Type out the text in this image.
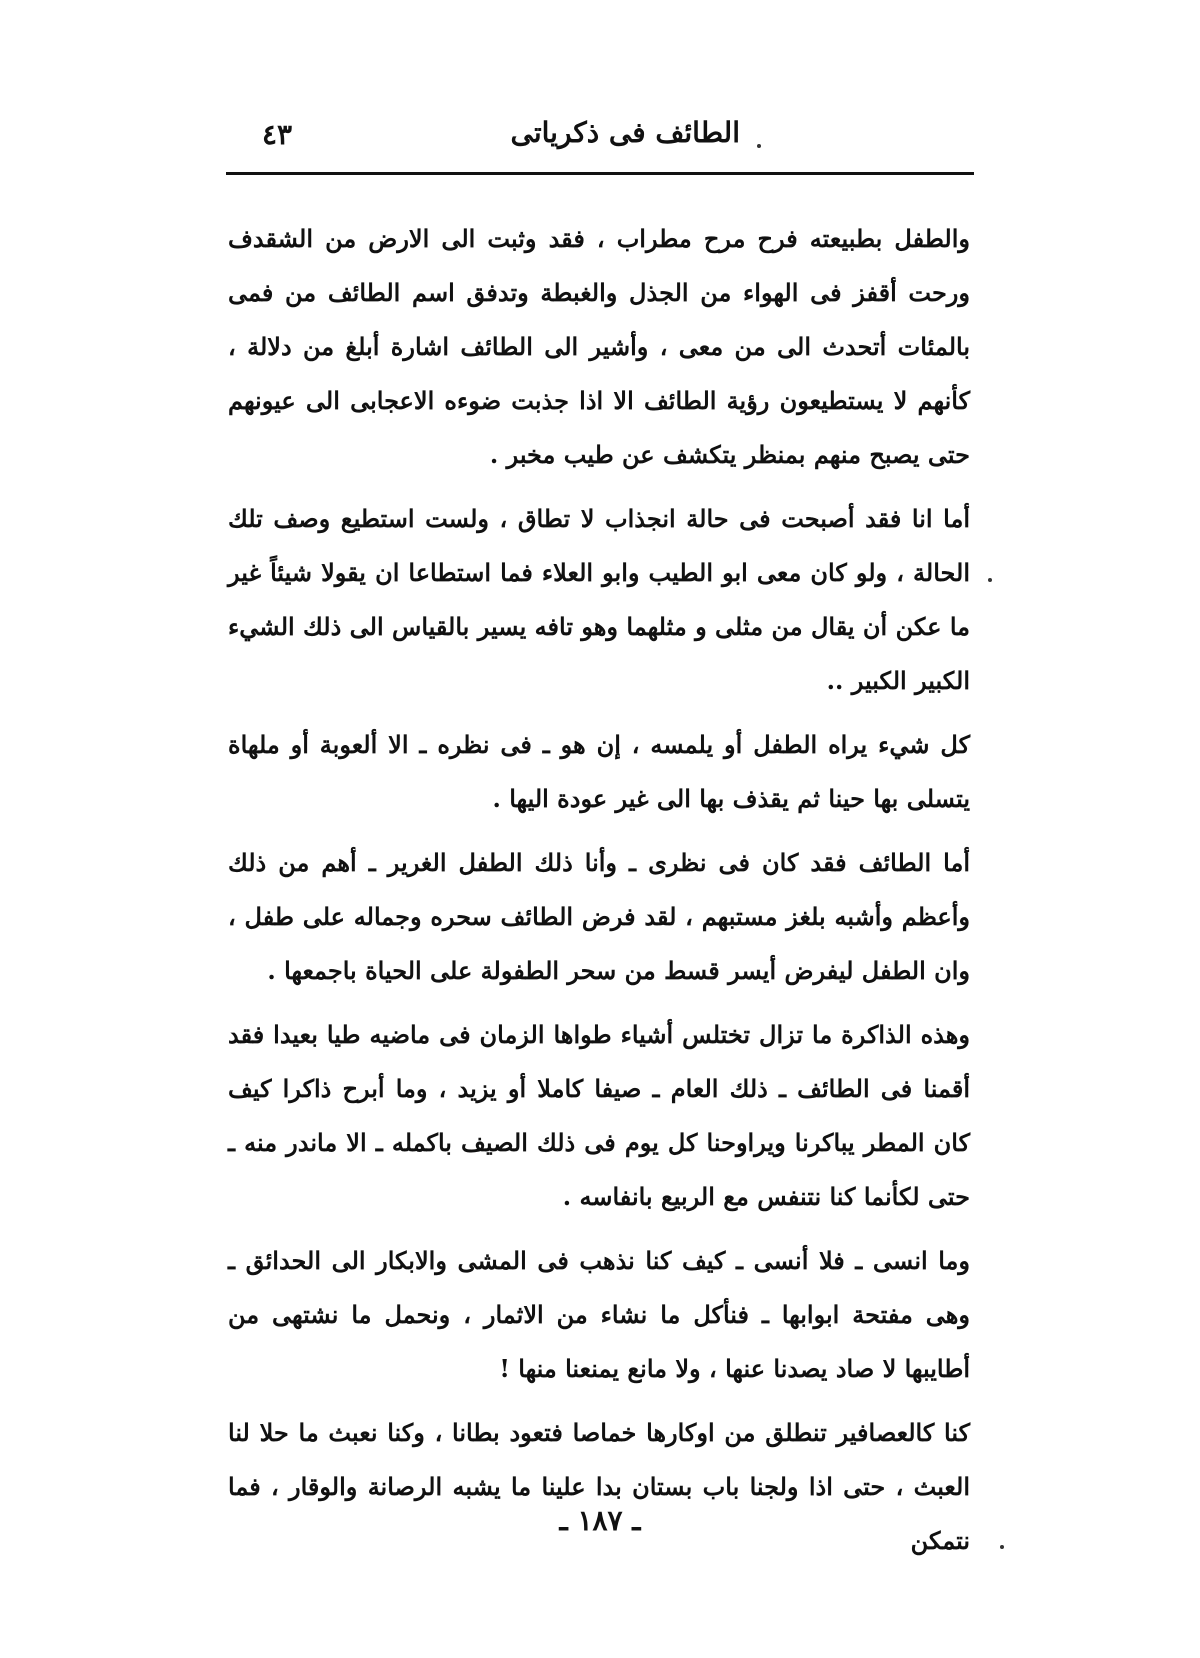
الطائف فى ذكرياتى
٤٣

والطفل بطبيعته فرح مرح مطراب ، فقد وثبت الى الارض من الشقدف ورحت أقفز فى الهواء من الجذل والغبطة وتدفق اسم الطائف من فمى بالمئات أتحدث الى من معى ، وأشير الى الطائف اشارة أبلغ من دلالة ، كأنهم لا يستطيعون رؤية الطائف الا اذا جذبت ضوءه الاعجابى الى عيونهم حتى يصبح منهم بمنظر يتكشف عن طيب مخبر .

أما انا فقد أصبحت فى حالة انجذاب لا تطاق ، ولست استطيع وصف تلك الحالة ، ولو كان معى ابو الطيب وابو العلاء فما استطاعا ان يقولا شيئاً غير ما عكن أن يقال من مثلى و مثلهما وهو تافه يسير بالقياس الى ذلك الشيء الكبير الكبير ..

كل شيء يراه الطفل أو يلمسه ، إن هو ـ فى نظره ـ الا ألعوبة أو ملهاة يتسلى بها حينا ثم يقذف بها الى غير عودة اليها .

أما الطائف فقد كان فى نظرى ـ وأنا ذلك الطفل الغرير ـ أهم من ذلك وأعظم وأشبه بلغز مستبهم ، لقد فرض الطائف سحره وجماله على طفل ، وان الطفل ليفرض أيسر قسط من سحر الطفولة على الحياة باجمعها .

وهذه الذاكرة ما تزال تختلس أشياء طواها الزمان فى ماضيه طيا بعيدا فقد أقمنا فى الطائف ـ ذلك العام ـ صيفا كاملا أو يزيد ، وما أبرح ذاكرا كيف كان المطر يباكرنا ويراوحنا كل يوم فى ذلك الصيف باكمله ـ الا ماندر منه ـ حتى لكأنما كنا نتنفس مع الربيع بانفاسه .

وما انسى ـ فلا أنسى ـ كيف كنا نذهب فى المشى والابكار الى الحدائق ـ وهى مفتحة ابوابها ـ فنأكل ما نشاء من الاثمار ، ونحمل ما نشتهى من أطايبها لا صاد يصدنا عنها ، ولا مانع يمنعنا منها !

كنا كالعصافير تنطلق من اوكارها خماصا فتعود بطانا ، وكنا نعبث ما حلا لنا العبث ، حتى اذا ولجنا باب بستان بدا علينا ما يشبه الرصانة والوقار ، فما نتمكن

ـ ١٨٧ ـ
